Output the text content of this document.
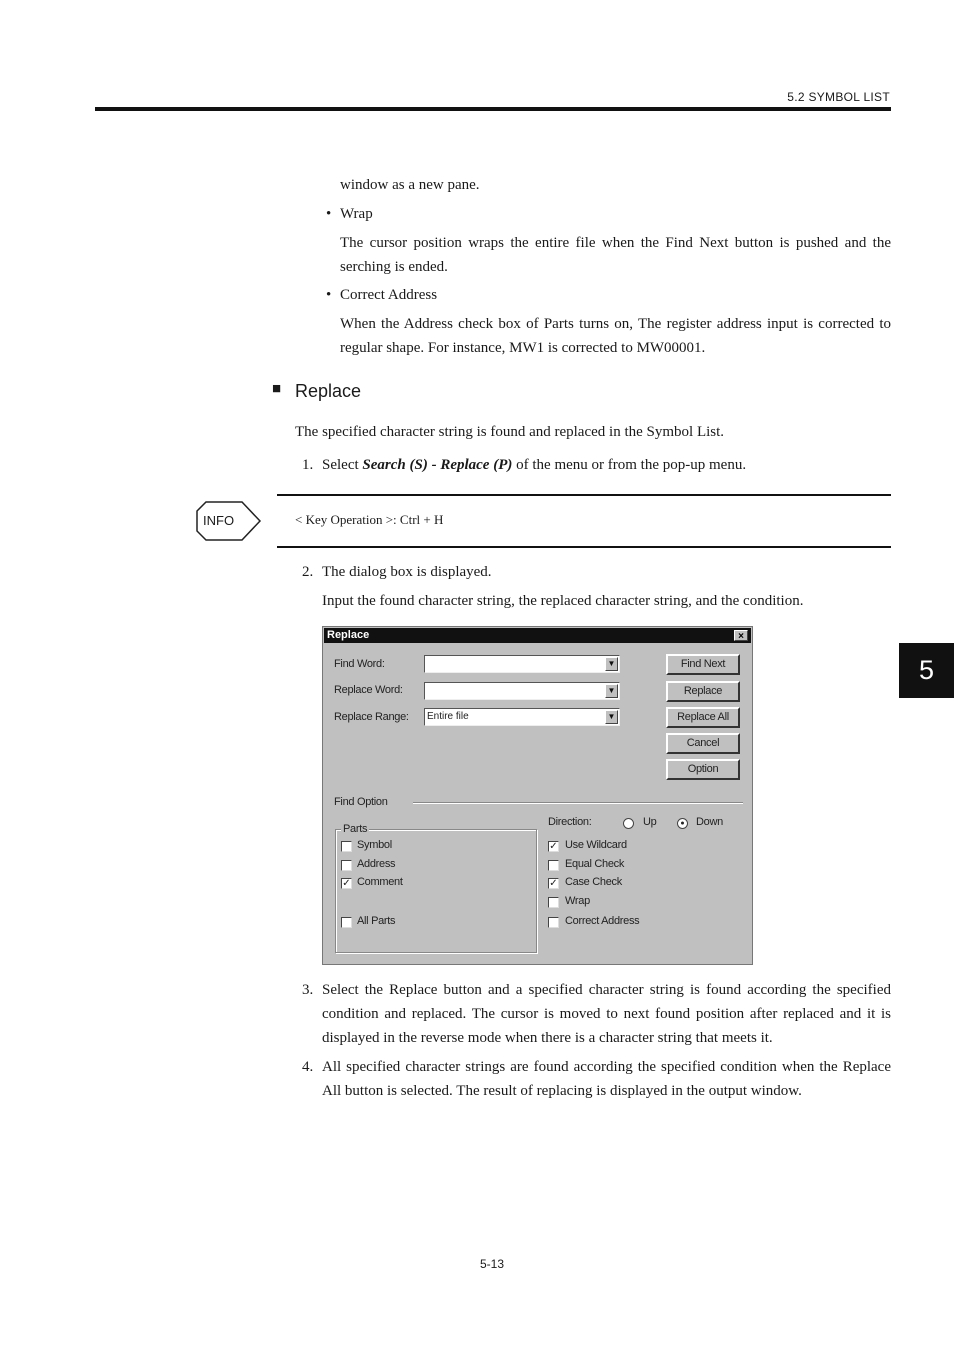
5.2 SYMBOL LIST
5
window as a new pane.
• Wrap
The cursor position wraps the entire file when the Find Next button is pushed and the serching is ended.
• Correct Address
When the Address check box of Parts turns on, The register address input is corrected to regular shape. For instance, MW1 is corrected to MW00001.
■ Replace
The specified character string is found and replaced in the Symbol List.
1. Select Search (S) - Replace (P) of the menu or from the pop-up menu.
INFO	< Key Operation >: Ctrl + H
2. The dialog box is displayed.
Input the found character string, the replaced character string, and the condition.
Replace	×
Find Word:	▼
Replace Word:	▼
Replace Range:	Entire file	▼
Find Next
Replace
Replace All
Cancel
Option
Find Option
Parts
Symbol
Address
✓ Comment
All Parts
Direction:	Up	●	Down
✓ Use Wildcard
Equal Check
✓ Case Check
Wrap
Correct Address
3. Select the Replace button and a specified character string is found according the specified condition and replaced. The cursor is moved to next found position after replaced and it is displayed in the reverse mode when there is a character string that meets it.
4. All specified character strings are found according the specified condition when the Replace All button is selected. The result of replacing is displayed in the output window.
5-13
